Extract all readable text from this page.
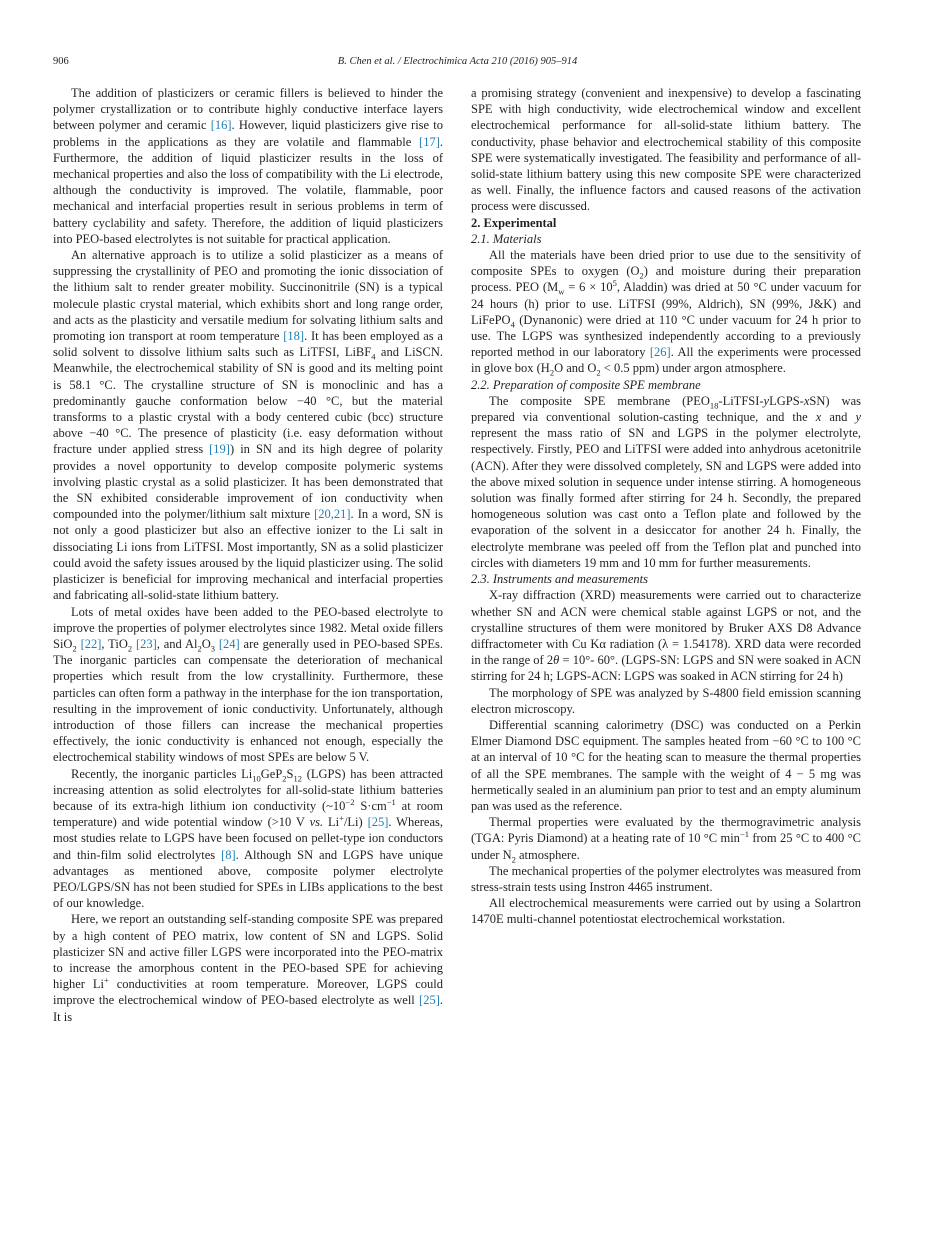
906	B. Chen et al. / Electrochimica Acta 210 (2016) 905–914

The addition of plasticizers or ceramic fillers is believed to hinder the polymer crystallization or to contribute highly conductive interface layers between polymer and ceramic [16]. However, liquid plasticizers give rise to problems in the applications as they are volatile and flammable [17]. Furthermore, the addition of liquid plasticizer results in the loss of mechanical properties and also the loss of compatibility with the Li electrode, although the conductivity is improved. The volatile, flammable, poor mechanical and interfacial properties result in serious problems in term of battery cyclability and safety. Therefore, the addition of liquid plasticizers into PEO-based electrolytes is not suitable for practical application.

An alternative approach is to utilize a solid plasticizer as a means of suppressing the crystallinity of PEO and promoting the ionic dissociation of the lithium salt to render greater mobility. Succinonitrile (SN) is a typical molecule plastic crystal material, which exhibits short and long range order, and acts as the plasticity and versatile medium for solvating lithium salts and promoting ion transport at room temperature [18]. It has been employed as a solid solvent to dissolve lithium salts such as LiTFSI, LiBF$_4$ and LiSCN. Meanwhile, the electrochemical stability of SN is good and its melting point is 58.1 °C. The crystalline structure of SN is monoclinic and has a predominantly gauche conformation below −40 °C, but the material transforms to a plastic crystal with a body centered cubic (bcc) structure above −40 °C. The presence of plasticity (i.e. easy deformation without fracture under applied stress [19]) in SN and its high degree of polarity provides a novel opportunity to develop composite polymeric systems involving plastic crystal as a solid plasticizer. It has been demonstrated that the SN exhibited considerable improvement of ion conductivity when compounded into the polymer/lithium salt mixture [20,21]. In a word, SN is not only a good plasticizer but also an effective ionizer to the Li salt in dissociating Li ions from LiTFSI. Most importantly, SN as a solid plasticizer could avoid the safety issues aroused by the liquid plasticizer using. The solid plasticizer is beneficial for improving mechanical and interfacial properties and fabricating all-solid-state lithium battery.

Lots of metal oxides have been added to the PEO-based electrolyte to improve the properties of polymer electrolytes since 1982. Metal oxide fillers SiO$_2$ [22], TiO$_2$ [23], and $Al_2O_3$ [24] are generally used in PEO-based SPEs. The inorganic particles can compensate the deterioration of mechanical properties which result from the low crystallinity. Furthermore, these particles can often form a pathway in the interphase for the ion transportation, resulting in the improvement of ionic conductivity. Unfortunately, although introduction of those fillers can increase the mechanical properties effectively, the ionic conductivity is enhanced not enough, especially the electrochemical stability windows of most SPEs are below 5 V.

Recently, the inorganic particles $Li_{10}GeP_2S_{12}$ (LGPS) has been attracted increasing attention as solid electrolytes for all-solid-state lithium batteries because of its extra-high lithium ion conductivity ($\sim 10^{-2}$ $S\cdot cm^{-1}$ at room temperature) and wide potential window (>10 V vs. Li+/Li) [25]. Whereas, most studies relate to LGPS have been focused on pellet-type ion conductors and thin-film solid electrolytes [8]. Although SN and LGPS have unique advantages as mentioned above, composite polymer electrolyte PEO/LGPS/SN has not been studied for SPEs in LIBs applications to the best of our knowledge.

Here, we report an outstanding self-standing composite SPE was prepared by a high content of PEO matrix, low content of SN and LGPS. Solid plasticizer SN and active filler LGPS were incorporated into the PEO-matrix to increase the amorphous content in the PEO-based SPE for achieving higher Li+ conductivities at room temperature. Moreover, LGPS could improve the electrochemical window of PEO-based electrolyte as well [25]. It is

a promising strategy (convenient and inexpensive) to develop a fascinating SPE with high conductivity, wide electrochemical window and excellent electrochemical performance for all-solid-state lithium battery. The conductivity, phase behavior and electrochemical stability of this composite SPE were systematically investigated. The feasibility and performance of all-solid-state lithium battery using this new composite SPE were characterized as well. Finally, the influence factors and caused reasons of the activation process were discussed.

2. Experimental

2.1. Materials

All the materials have been dried prior to use due to the sensitivity of composite SPEs to oxygen $(O_2)$ and moisture during their preparation process. PEO ($M_w = 6 \times 10^5$, Aladdin) was dried at 50 °C under vacuum for 24 hours (h) prior to use. LiTFSI (99%, Aldrich), SN (99%, J&K) and LiFePO$_4$ (Dynanonic) were dried at 110 °C under vacuum for 24 h prior to use. The LGPS was synthesized independently according to a previously reported method in our laboratory [26]. All the experiments were processed in glove box ($H_2O$ and $O_2 < 0.5$ ppm) under argon atmosphere.

2.2. Preparation of composite SPE membrane

The composite SPE membrane $(PEO_{18}-LiTFSI-yLGPS-xSN)$ was prepared via conventional solution-casting technique, and the x and y represent the mass ratio of SN and LGPS in the polymer electrolyte, respectively. Firstly, PEO and LiTFSI were added into anhydrous acetonitrile (ACN). After they were dissolved completely, SN and LGPS were added into the above mixed solution in sequence under intense stirring. A homogeneous solution was finally formed after stirring for 24 h. Secondly, the prepared homogeneous solution was cast onto a Teflon plate and followed by the evaporation of the solvent in a desiccator for another 24 h. Finally, the electrolyte membrane was peeled off from the Teflon plat and punched into circles with diameters 19 mm and 10 mm for further measurements.

2.3. Instruments and measurements

X-ray diffraction (XRD) measurements were carried out to characterize whether SN and ACN were chemical stable against LGPS or not, and the crystalline structures of them were monitored by Bruker AXS D8 Advance diffractometer with Cu Kα radiation (λ = 1.54178). XRD data were recorded in the range of 2θ = 10°- 60°. (LGPS-SN: LGPS and SN were soaked in ACN stirring for 24 h; LGPS-ACN: LGPS was soaked in ACN stirring for 24 h)

The morphology of SPE was analyzed by S-4800 field emission scanning electron microscopy.

Differential scanning calorimetry (DSC) was conducted on a Perkin Elmer Diamond DSC equipment. The samples heated from −60 °C to 100 °C at an interval of 10 °C for the heating scan to measure the thermal properties of all the SPE membranes. The sample with the weight of 4 − 5 mg was hermetically sealed in an aluminium pan prior to test and an empty aluminum pan was used as the reference.

Thermal properties were evaluated by the thermogravimetric analysis (TGA: Pyris Diamond) at a heating rate of 10 °C $\min^{-1}$ from 25 °C to 400 °C under $N_2$ atmosphere.

The mechanical properties of the polymer electrolytes was measured from stress-strain tests using Instron 4465 instrument.

All electrochemical measurements were carried out by using a Solartron 1470E multi-channel potentiostat electrochemical workstation.
